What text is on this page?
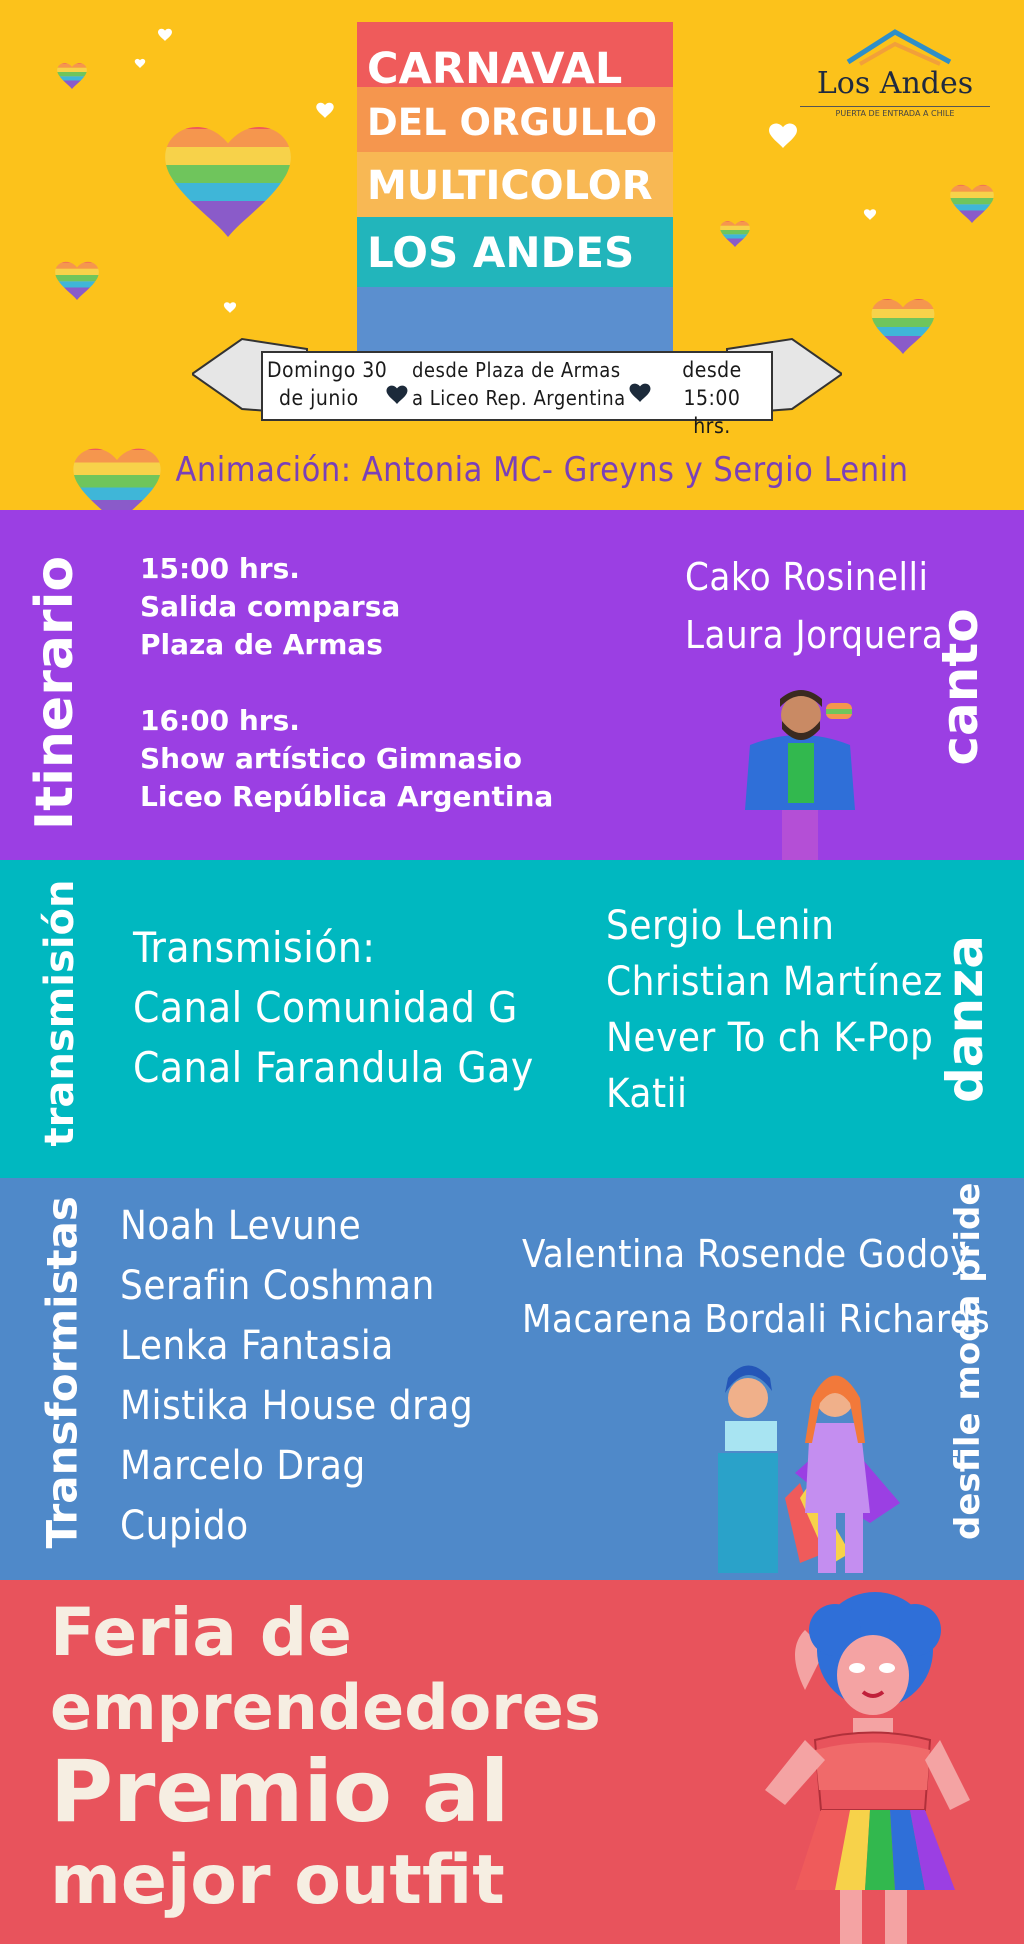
CARNAVAL
DEL ORGULLO
MULTICOLOR
LOS ANDES
Los Andes
PUERTA DE ENTRADA A CHILE
Domingo 30
de junio
desde Plaza de Armas
a Liceo Rep. Argentina
desde
15:00 hrs.
Animación: Antonia MC- Greyns y Sergio Lenin
Itinerario 15:00 hrs.
Salida comparsa
Plaza de Armas
16:00 hrs.
Show artístico Gimnasio
Liceo República Argentina
Cako Rosinelli
Laura Jorquera
canto
transmisión Transmisión:
Canal Comunidad G
Canal Farandula Gay
Sergio Lenin
Christian Martínez
Never To ch K-Pop
Katii	danza
Transformistas Noah Levune
Serafin Coshman
Lenka Fantasia
Mistika House drag
Marcelo Drag
Cupido
Valentina Rosende Godoy
Macarena Bordali Richards
desfile moda pride
Feria de
emprendedores
Premio al
mejor outfit
